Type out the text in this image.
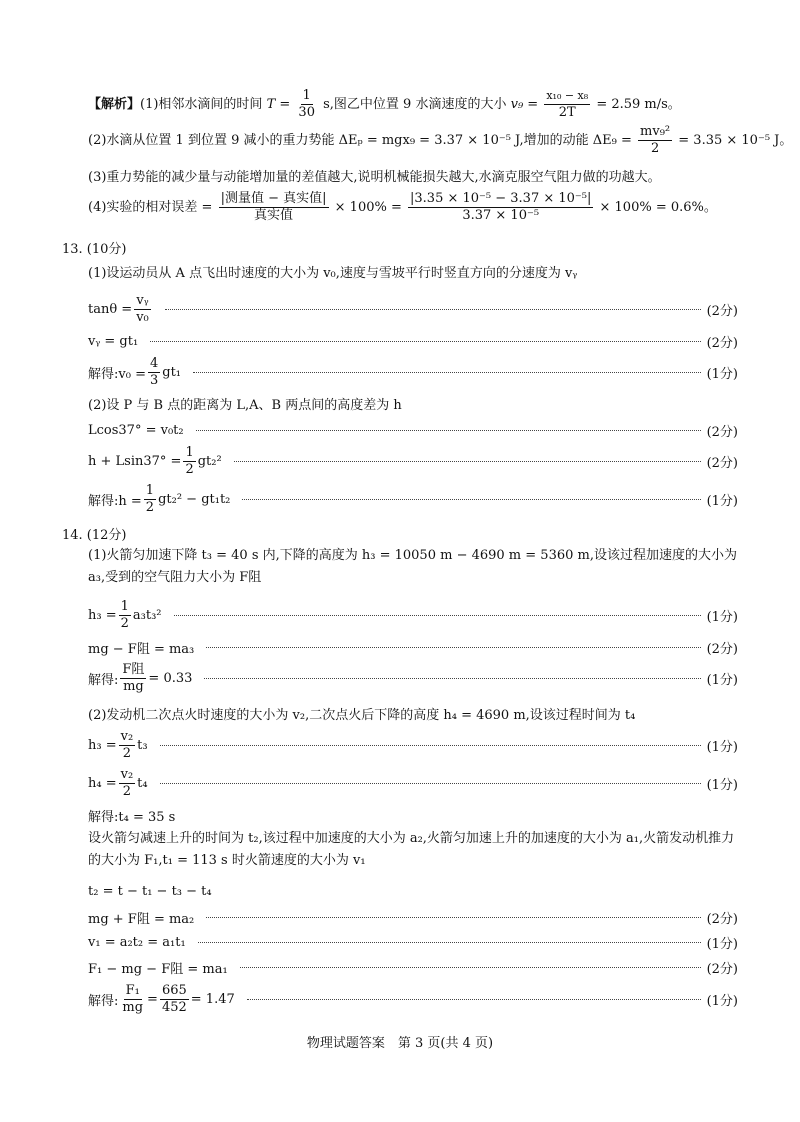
【解析】(1)相邻水滴间的时间 $T = \frac{1}{30} s$,图乙中位置 9 水滴速度的大小 $v_9 = \frac{\text{x₁₀ − x₈}}{2T} = 2.59$ m/s。
(2)水滴从位置 1 到位置 9 减小的重力势能 ΔEₚ = mgx₉ = 3.37 × 10⁻⁵ J,增加的动能 $\Delta E_9 = \frac{\text{mv₉²}}{2} = 3.35 \times 10^{-5}$ J。
(3)重力势能的减少量与动能增加量的差值越大,说明机械能损失越大,水滴克服空气阻力做的功越大。
(4)实验的相对误差 = $\frac{\text{|测量值 − 真实值|}}{\text{真实值}} \times 100\% = \frac{\text{|3.35 × 10⁻⁵ − 3.37 × 10⁻⁵|}}{\text{3.37 × 10⁻⁵}} \times 100\% = 0.6\%$。
13. (10分)
(1)设运动员从 A 点飞出时速度的大小为 v₀,速度与雪坡平行时竖直方向的分速度为 vᵧ
$\tan\theta = \frac{\text{vᵧ}}{\text{v₀}}$	(2分)
vᵧ = gt₁	(2分)
解得:v₀ = $\frac{4}{3} gt_1$	(1分)
(2)设 P 与 B 点的距离为 L,A、B 两点间的高度差为 h
Lcos37° = v₀t₂	(2分)
$h + Lsin37^\circ = \frac{1}{2} gt_2^2$	(2分)
解得:h = $\frac{1}{2} gt_2^2 - gt_1t_2$	(1分)
14. (12分)
(1)火箭匀加速下降 t₃ = 40 s 内,下降的高度为 h₃ = 10050 m − 4690 m = 5360 m,设该过程加速度的大小为 a₃,受到的空气阻力大小为 F阻
$h_3 = \frac{1}{2} a_3t_3^2$	(1分)
mg − F阻 = ma₃	(2分)
解得: $\frac{\text{F阻}}{mg} = 0.33$	(1分)
(2)发动机二次点火时速度的大小为 v₂,二次点火后下降的高度 h₄ = 4690 m,设该过程时间为 t₄
$h_3 = \frac{\text{v₂}}{2} t_3$	(1分)
$h_4 = \frac{\text{v₂}}{2} t_4$	(1分)
解得:t₄ = 35 s
设火箭匀减速上升的时间为 t₂,该过程中加速度的大小为 a₂,火箭匀加速上升的加速度的大小为 a₁,火箭发动机推力的大小为 F₁,t₁ = 113 s 时火箭速度的大小为 v₁
t₂ = t − t₁ − t₃ − t₄
mg + F阻 = ma₂	(2分)
v₁ = a₂t₂ = a₁t₁	(1分)
F₁ − mg − F阻 = ma₁	(2分)
解得: $\frac{\text{F₁}}{mg} = \frac{665}{452} = 1.47$	(1分)
物理试题答案　第 3 页(共 4 页)
